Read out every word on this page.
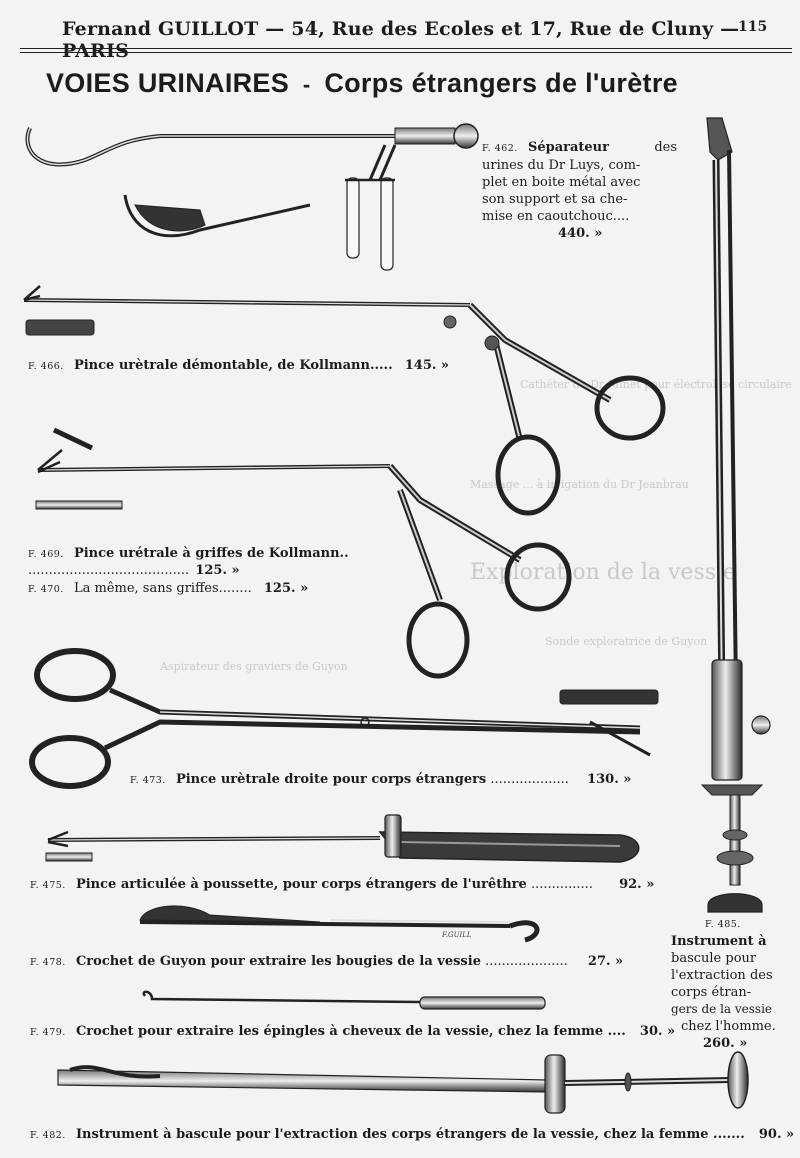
Exploration de la vessie
Sonde exploratrice de Guyon
Aspirateur des graviers de Guyon
Massage ... à irrigation du Dr Jeanbrau
Cathéter du Dr Minet pour électrolyse circulaire
Fernand GUILLOT — 54, Rue des Ecoles et 17, Rue de Cluny — PARIS
115
VOIES URINAIRES - Corps étrangers de l'urètre
F.GUILL
F. 462. Séparateur	des
urines du Dr Luys, com-
plet en boite métal avec
son support et sa che-
mise en caoutchouc....
440. »
F. 466. Pince urètrale démontable, de Kollmann..... 145. »
F. 469. Pince urétrale à griffes de Kollmann..
....................................... 125. »
F. 470. La même, sans griffes........ 125. »
F. 473. Pince urètrale droite pour corps étrangers ................... 130. »
F. 475. Pince articulée à poussette, pour corps étrangers de l'urêthre ............... 92. »
F. 478. Crochet de Guyon pour extraire les bougies de la vessie .................... 27. »
F. 479. Crochet pour extraire les épingles à cheveux de la vessie, chez la femme .... 30. »
F. 482. Instrument à bascule pour l'extraction des corps étrangers de la vessie, chez la femme ....... 90. »
F. 485.
Instrument à
bascule pour
l'extraction des
corps étran-
gers de la vessie
chez l'homme.
260. »
